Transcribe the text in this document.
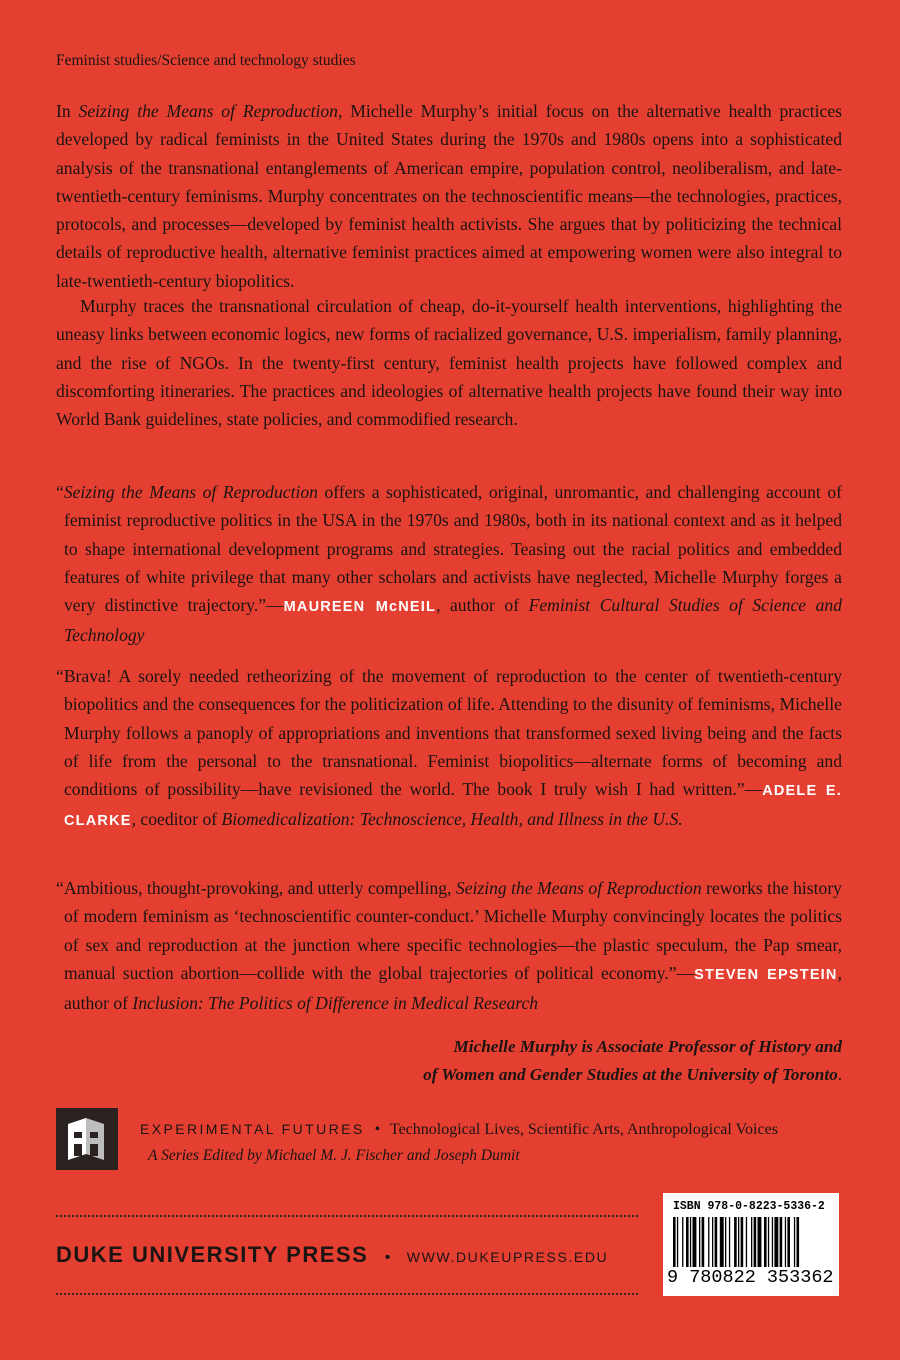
Feminist studies/Science and technology studies
In Seizing the Means of Reproduction, Michelle Murphy’s initial focus on the alternative health practices developed by radical feminists in the United States during the 1970s and 1980s opens into a sophisticated analysis of the transnational entanglements of American empire, population control, neoliberalism, and late-twentieth-century feminisms. Murphy concentrates on the technoscientific means—the technologies, practices, protocols, and processes—developed by feminist health activists. She argues that by politicizing the technical details of reproductive health, alternative feminist practices aimed at empowering women were also integral to late-twentieth-century biopolitics.
Murphy traces the transnational circulation of cheap, do-it-yourself health interventions, highlighting the uneasy links between economic logics, new forms of racialized governance, U.S. imperialism, family planning, and the rise of NGOs. In the twenty-first century, feminist health projects have followed complex and discomforting itineraries. The practices and ideologies of alternative health projects have found their way into World Bank guidelines, state policies, and commodified research.
“Seizing the Means of Reproduction offers a sophisticated, original, unromantic, and challenging account of feminist reproductive politics in the USA in the 1970s and 1980s, both in its national context and as it helped to shape international development programs and strategies. Teasing out the racial politics and embedded features of white privilege that many other scholars and activists have neglected, Michelle Murphy forges a very distinctive trajectory.”—MAUREEN McNEIL, author of Feminist Cultural Studies of Science and Technology
“Brava! A sorely needed retheorizing of the movement of reproduction to the center of twentieth-century biopolitics and the consequences for the politicization of life. Attending to the disunity of feminisms, Michelle Murphy follows a panoply of appropriations and inventions that transformed sexed living being and the facts of life from the personal to the transnational. Feminist biopolitics—alternate forms of becoming and conditions of possibility—have revisioned the world. The book I truly wish I had written.”—ADELE E. CLARKE, coeditor of Biomedicalization: Technoscience, Health, and Illness in the U.S.
“Ambitious, thought-provoking, and utterly compelling, Seizing the Means of Reproduction reworks the history of modern feminism as ‘technoscientific counter-conduct.’ Michelle Murphy convincingly locates the politics of sex and reproduction at the junction where specific technologies—the plastic speculum, the Pap smear, manual suction abortion—collide with the global trajectories of political economy.”—STEVEN EPSTEIN, author of Inclusion: The Politics of Difference in Medical Research
Michelle Murphy is Associate Professor of History and
of Women and Gender Studies at the University of Toronto.
EXPERIMENTAL FUTURES • Technological Lives, Scientific Arts, Anthropological Voices
A Series Edited by Michael M. J. Fischer and Joseph Dumit
DUKE UNIVERSITY PRESS • WWW.DUKEUPRESS.EDU
ISBN 978-0-8223-5336-2
9 780822 353362
